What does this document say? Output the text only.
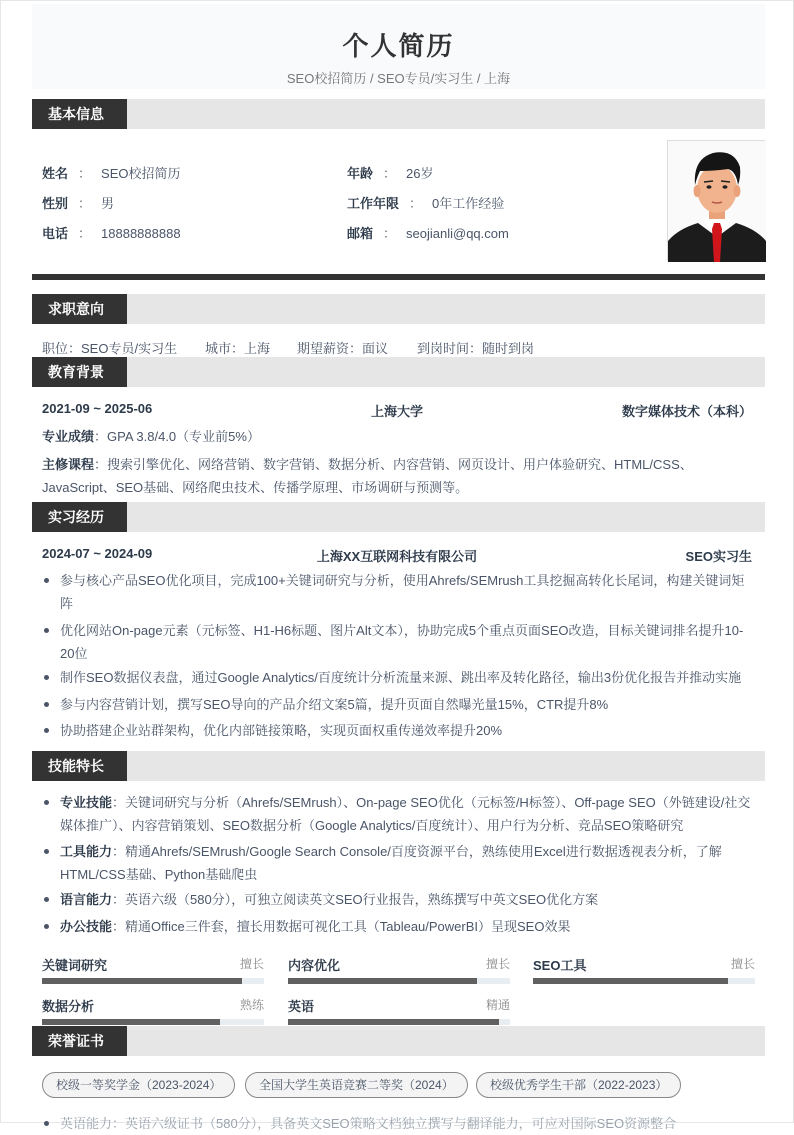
个人简历
SEO校招简历 / SEO专员/实习生 / 上海
基本信息
姓名 ： SEO校招简历
性别 ： 男
电话 ： 18888888888
年龄 ： 26岁
工作年限 ： 0年工作经验
邮箱 ： seojianli@qq.com
求职意向
职位：SEO专员/实习生 城市：上海 期望薪资：面议 到岗时间：随时到岗
教育背景
2021-09 ~ 2025-06	上海大学	数字媒体技术（本科）
专业成绩：GPA 3.8/4.0（专业前5%）
主修课程：搜索引擎优化、网络营销、数字营销、数据分析、内容营销、网页设计、用户体验研究、HTML/CSS、JavaScript、SEO基础、网络爬虫技术、传播学原理、市场调研与预测等。
实习经历
2024-07 ~ 2024-09	上海XX互联网科技有限公司	SEO实习生
参与核心产品SEO优化项目，完成100+关键词研究与分析，使用Ahrefs/SEMrush工具挖掘高转化长尾词，构建关键词矩阵
优化网站On-page元素（元标签、H1-H6标题、图片Alt文本），协助完成5个重点页面SEO改造，目标关键词排名提升10-20位
制作SEO数据仪表盘，通过Google Analytics/百度统计分析流量来源、跳出率及转化路径，输出3份优化报告并推动实施
参与内容营销计划，撰写SEO导向的产品介绍文案5篇，提升页面自然曝光量15%，CTR提升8%
协助搭建企业站群架构，优化内部链接策略，实现页面权重传递效率提升20%
技能特长
专业技能：关键词研究与分析（Ahrefs/SEMrush）、On-page SEO优化（元标签/H标签）、Off-page SEO（外链建设/社交媒体推广）、内容营销策划、SEO数据分析（Google Analytics/百度统计）、用户行为分析、竞品SEO策略研究
工具能力：精通Ahrefs/SEMrush/Google Search Console/百度资源平台，熟练使用Excel进行数据透视表分析，了解HTML/CSS基础、Python基础爬虫
语言能力：英语六级（580分），可独立阅读英文SEO行业报告，熟练撰写中英文SEO优化方案
办公技能：精通Office三件套，擅长用数据可视化工具（Tableau/PowerBI）呈现SEO效果
关键词研究	擅长 内容优化	擅长 SEO工具	擅长
数据分析	熟练 英语	精通
荣誉证书
校级一等奖学金（2023-2024）	全国大学生英语竞赛二等奖（2024）	校级优秀学生干部（2022-2023）
英语能力：英语六级证书（580分），具备英文SEO策略文档独立撰写与翻译能力，可应对国际SEO资源整合
